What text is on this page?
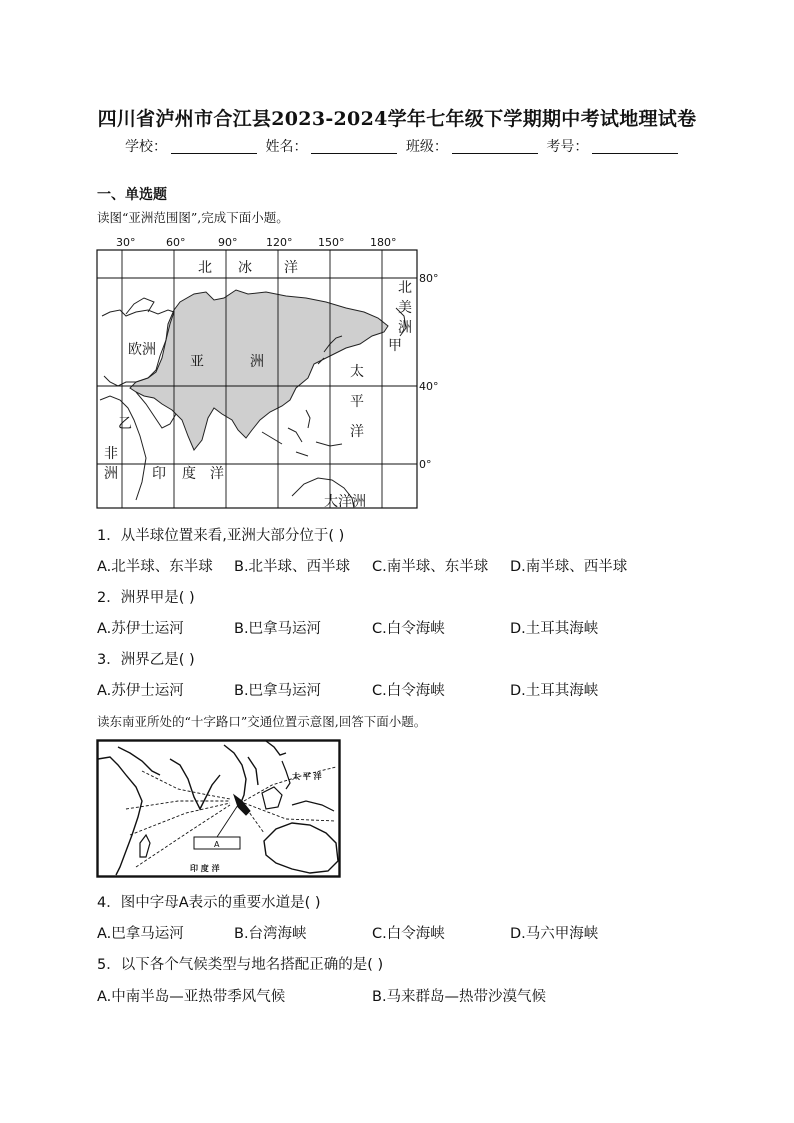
四川省泸州市合江县2023-2024学年七年级下学期期中考试地理试卷
学校：	姓名：	班级：	考号：
一、单选题
读图“亚洲范围图”,完成下面小题。
30°	60°	90°	120° 150° 180°
80°
40°
0°
北 冰 洋
欧洲
亚	洲
太
平
洋
北
美
洲
甲
乙
非
洲 印 度 洋
大洋洲
1．从半球位置来看,亚洲大部分位于( )
A.北半球、东半球 B.北半球、西半球 C.南半球、东半球 D.南半球、西半球
2．洲界甲是( )
A.苏伊士运河	B.巴拿马运河	C.白令海峡	D.土耳其海峡
3．洲界乙是( )
A.苏伊士运河	B.巴拿马运河	C.白令海峡	D.土耳其海峡
读东南亚所处的“十字路口”交通位置示意图,回答下面小题。
A
太 平 洋
印 度 洋
4．图中字母A表示的重要水道是( )
A.巴拿马运河	B.台湾海峡	C.白令海峡	D.马六甲海峡
5．以下各个气候类型与地名搭配正确的是( )
A.中南半岛—亚热带季风气候	B.马来群岛—热带沙漠气候
